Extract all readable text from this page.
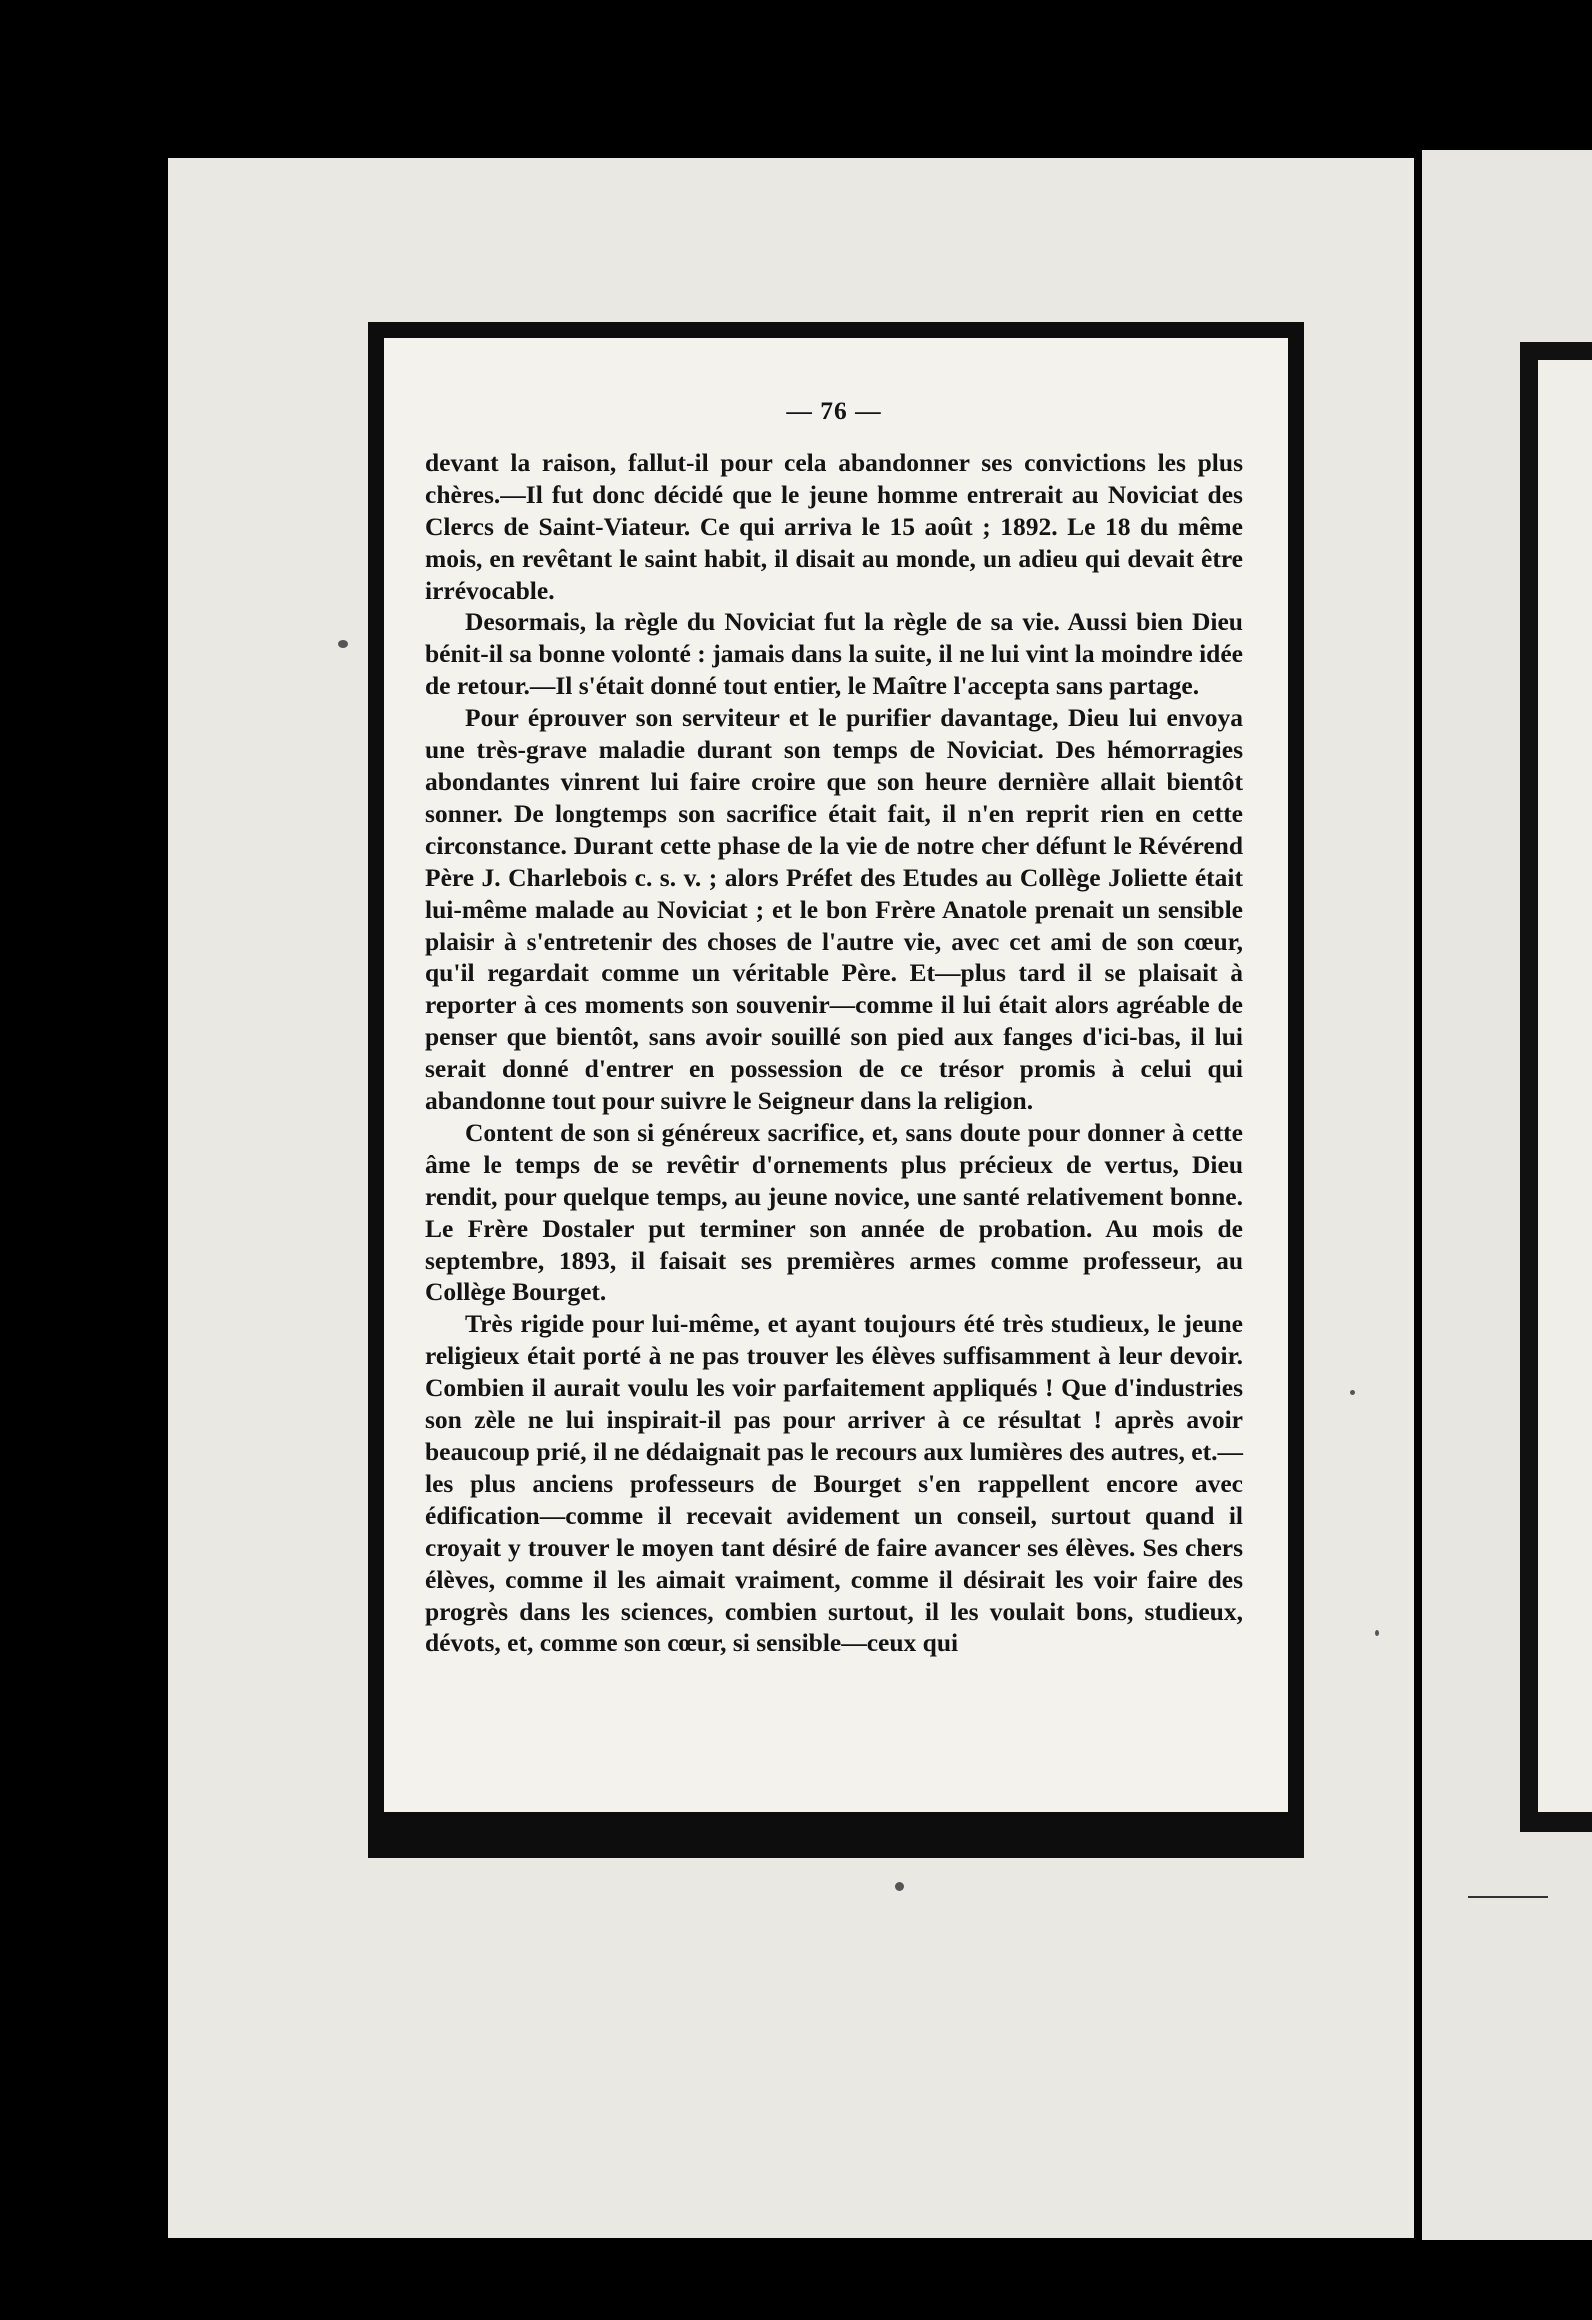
— 76 —

devant la raison, fallut-il pour cela abandonner ses convictions les plus chères.—Il fut donc décidé que le jeune homme entrerait au Noviciat des Clercs de Saint-Viateur. Ce qui arriva le 15 août ; 1892. Le 18 du même mois, en revêtant le saint habit, il disait au monde, un adieu qui devait être irrévocable.

Desormais, la règle du Noviciat fut la règle de sa vie. Aussi bien Dieu bénit-il sa bonne volonté : jamais dans la suite, il ne lui vint la moindre idée de retour.—Il s'était donné tout entier, le Maître l'accepta sans partage.

Pour éprouver son serviteur et le purifier davantage, Dieu lui envoya une très-grave maladie durant son temps de Noviciat. Des hémorragies abondantes vinrent lui faire croire que son heure dernière allait bientôt sonner. De longtemps son sacrifice était fait, il n'en reprit rien en cette circonstance. Durant cette phase de la vie de notre cher défunt le Révérend Père J. Charlebois c. s. v. ; alors Préfet des Etudes au Collège Joliette était lui-même malade au Noviciat ; et le bon Frère Anatole prenait un sensible plaisir à s'entretenir des choses de l'autre vie, avec cet ami de son cœur, qu'il regardait comme un véritable Père. Et—plus tard il se plaisait à reporter à ces moments son souvenir—comme il lui était alors agréable de penser que bientôt, sans avoir souillé son pied aux fanges d'ici-bas, il lui serait donné d'entrer en possession de ce trésor promis à celui qui abandonne tout pour suivre le Seigneur dans la religion.

Content de son si généreux sacrifice, et, sans doute pour donner à cette âme le temps de se revêtir d'ornements plus précieux de vertus, Dieu rendit, pour quelque temps, au jeune novice, une santé relativement bonne. Le Frère Dostaler put terminer son année de probation. Au mois de septembre, 1893, il faisait ses premières armes comme professeur, au Collège Bourget.

Très rigide pour lui-même, et ayant toujours été très studieux, le jeune religieux était porté à ne pas trouver les élèves suffisamment à leur devoir. Combien il aurait voulu les voir parfaitement appliqués ! Que d'industries son zèle ne lui inspirait-il pas pour arriver à ce résultat ! après avoir beaucoup prié, il ne dédaignait pas le recours aux lumières des autres, et.—les plus anciens professeurs de Bourget s'en rappellent encore avec édification—comme il recevait avidement un conseil, surtout quand il croyait y trouver le moyen tant désiré de faire avancer ses élèves. Ses chers élèves, comme il les aimait vraiment, comme il désirait les voir faire des progrès dans les sciences, combien surtout, il les voulait bons, studieux, dévots, et, comme son cœur, si sensible—ceux qui
